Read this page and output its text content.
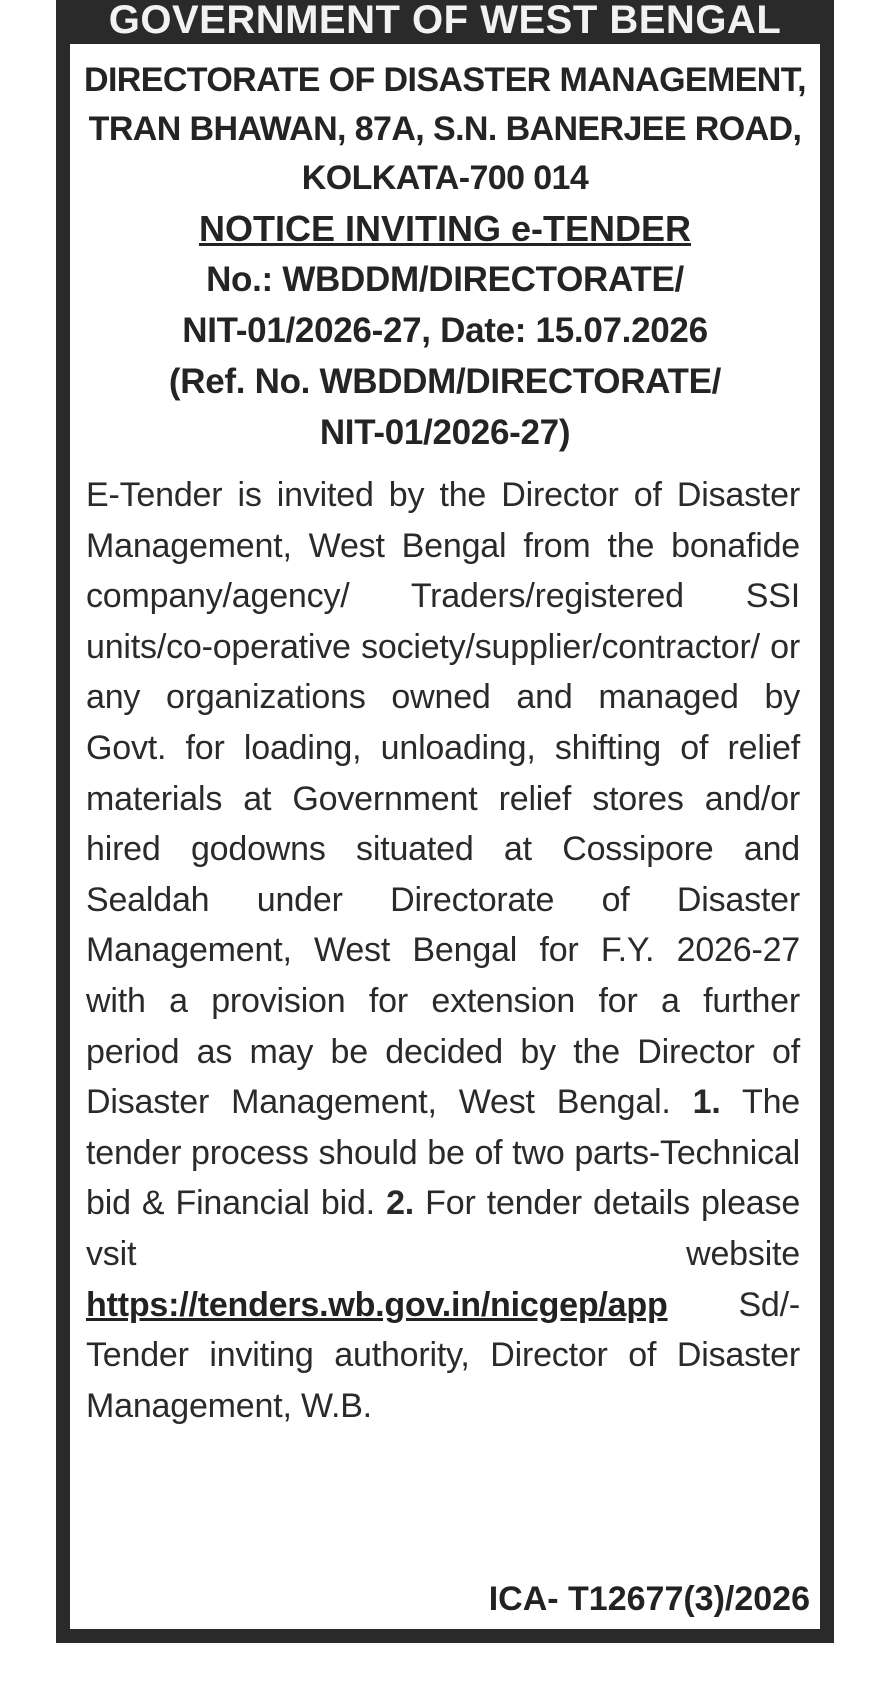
GOVERNMENT OF WEST BENGAL
DIRECTORATE OF DISASTER MANAGEMENT,
TRAN BHAWAN, 87A, S.N. BANERJEE ROAD,
KOLKATA-700 014
NOTICE INVITING e-TENDER
No.: WBDDM/DIRECTORATE/
NIT-01/2026-27, Date: 15.07.2026
(Ref. No. WBDDM/DIRECTORATE/
NIT-01/2026-27)
E-Tender is invited by the Director of Disaster Management, West Bengal from the bonafide company/agency/ Traders/registered SSI units/co-operative society/supplier/contractor/ or any organizations owned and managed by Govt. for loading, unloading, shifting of relief materials at Government relief stores and/or hired godowns situated at Cossipore and Sealdah under Directorate of Disaster Management, West Bengal for F.Y. 2026-27 with a provision for extension for a further period as may be decided by the Director of Disaster Management, West Bengal. 1. The tender process should be of two parts-Technical bid & Financial bid. 2. For tender details please vsit website https://tenders.wb.gov.in/nicgep/app Sd/- Tender inviting authority, Director of Disaster Management, W.B.
ICA- T12677(3)/2026
